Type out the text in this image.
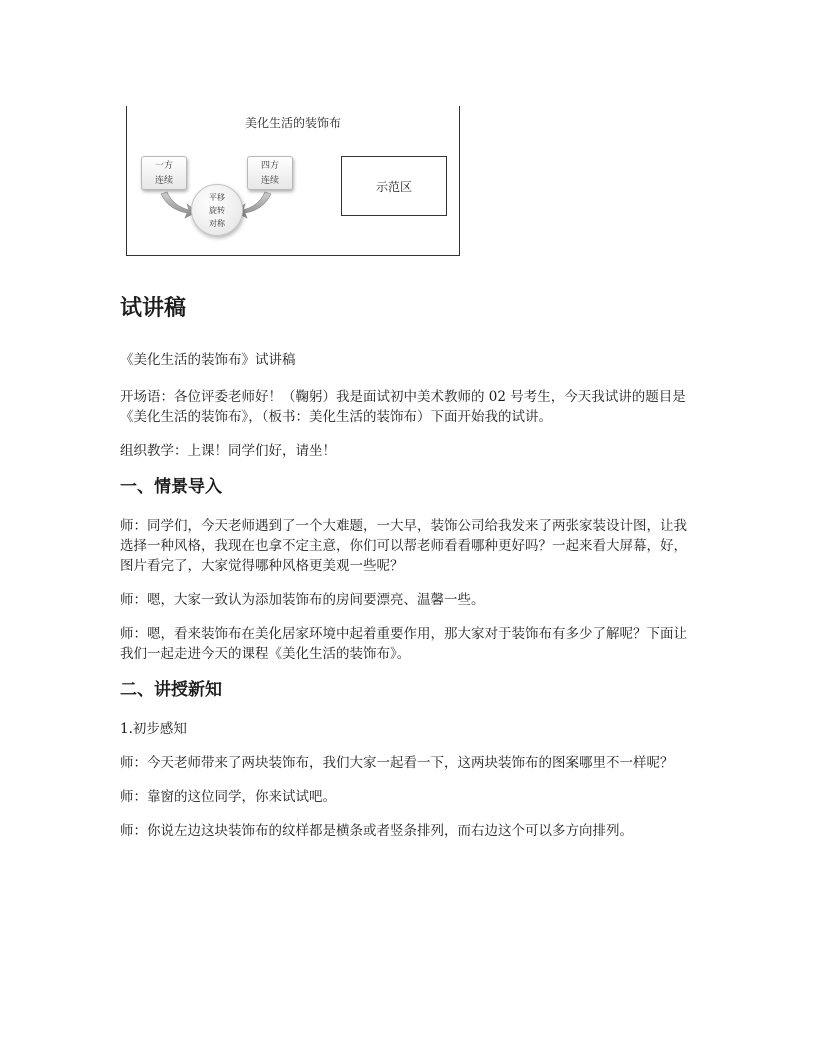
美化生活的装饰布
一方
连续
四方
连续
平移
旋转
对称
示范区
试讲稿

《美化生活的装饰布》试讲稿

开场语：各位评委老师好！（鞠躬）我是面试初中美术教师的 02 号考生，今天我试讲的题目是《美化生活的装饰布》，（板书：美化生活的装饰布）下面开始我的试讲。

组织教学：上课！同学们好，请坐！

一、情景导入

师：同学们，今天老师遇到了一个大难题，一大早，装饰公司给我发来了两张家装设计图，让我选择一种风格，我现在也拿不定主意，你们可以帮老师看看哪种更好吗？一起来看大屏幕，好，图片看完了，大家觉得哪种风格更美观一些呢？

师：嗯，大家一致认为添加装饰布的房间要漂亮、温馨一些。

师：嗯，看来装饰布在美化居家环境中起着重要作用，那大家对于装饰布有多少了解呢？下面让我们一起走进今天的课程《美化生活的装饰布》。

二、讲授新知

1.初步感知

师：今天老师带来了两块装饰布，我们大家一起看一下，这两块装饰布的图案哪里不一样呢？

师：靠窗的这位同学，你来试试吧。

师：你说左边这块装饰布的纹样都是横条或者竖条排列，而右边这个可以多方向排列。
